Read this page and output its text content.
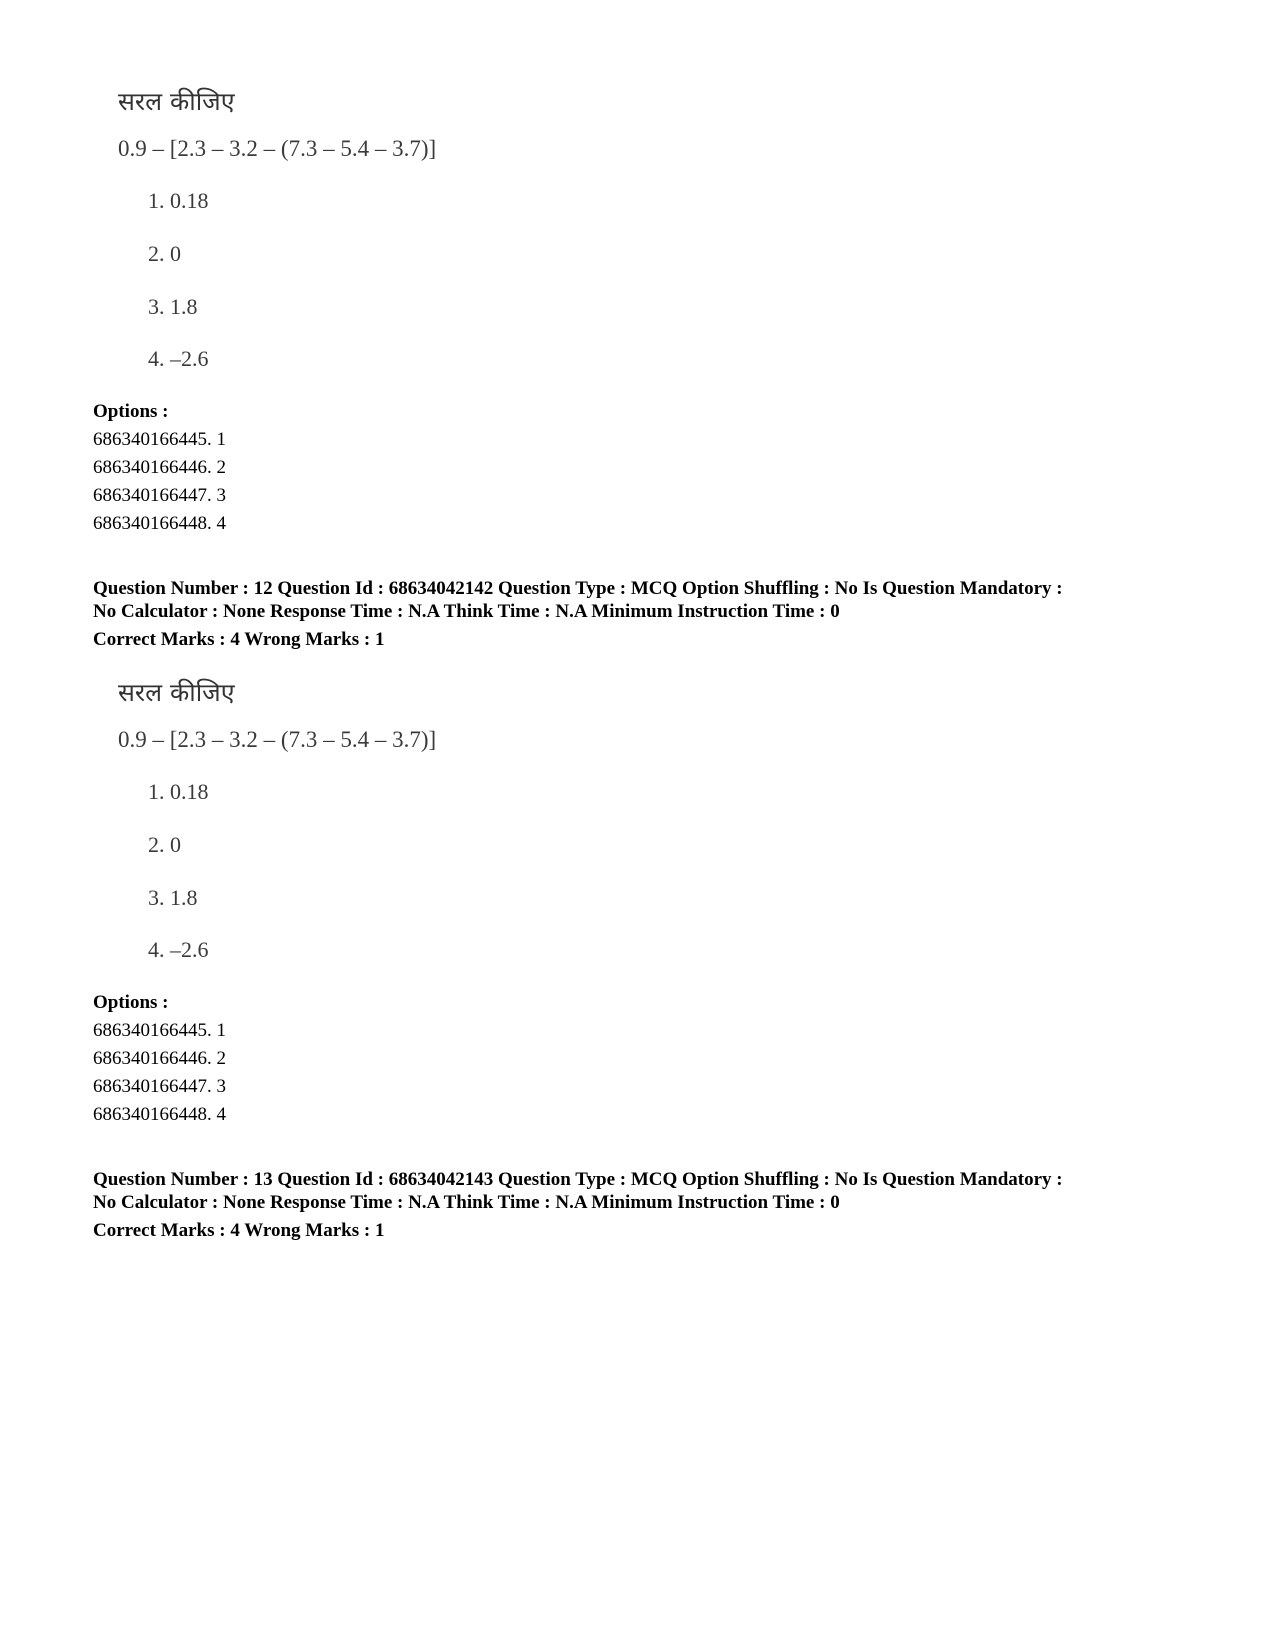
सरल कीजिए
0.9 – [2.3 – 3.2 – (7.3 – 5.4 – 3.7)]
1. 0.18
2. 0
3. 1.8
4. –2.6
Options :
686340166445. 1
686340166446. 2
686340166447. 3
686340166448. 4
Question Number : 12 Question Id : 68634042142 Question Type : MCQ Option Shuffling : No Is Question Mandatory :
No Calculator : None Response Time : N.A Think Time : N.A Minimum Instruction Time : 0
Correct Marks : 4 Wrong Marks : 1
सरल कीजिए
0.9 – [2.3 – 3.2 – (7.3 – 5.4 – 3.7)]
1. 0.18
2. 0
3. 1.8
4. –2.6
Options :
686340166445. 1
686340166446. 2
686340166447. 3
686340166448. 4
Question Number : 13 Question Id : 68634042143 Question Type : MCQ Option Shuffling : No Is Question Mandatory :
No Calculator : None Response Time : N.A Think Time : N.A Minimum Instruction Time : 0
Correct Marks : 4 Wrong Marks : 1
